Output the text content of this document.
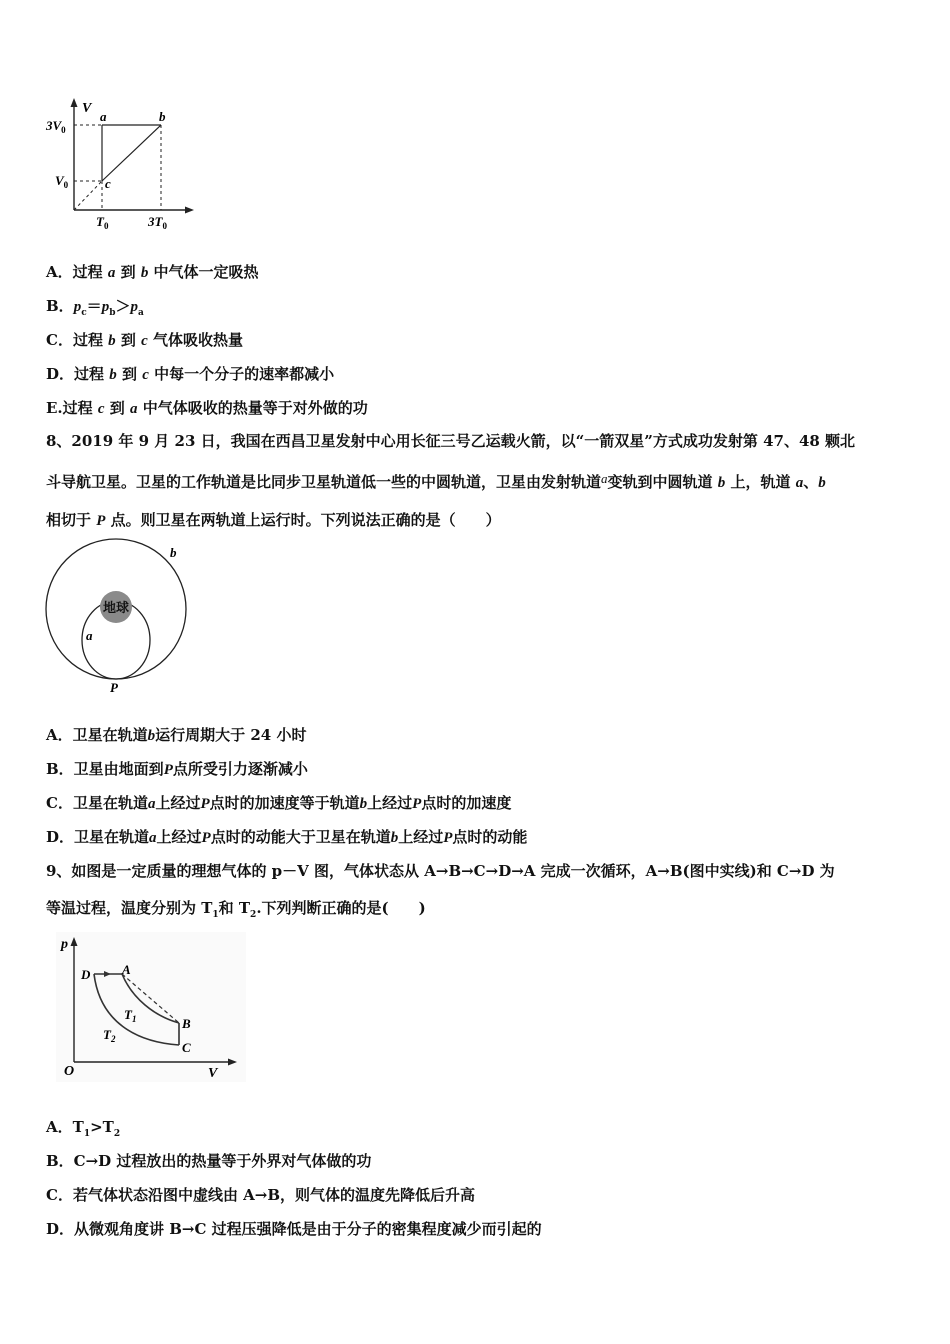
V
$3V_0$
$V_0$
$T_0$	$3T_0$
a	b
c
A．过程 a 到 b 中气体一定吸热
B．$p_c=p_b>p_a$
C．过程 b 到 c 气体吸收热量
D．过程 b 到 c 中每一个分子的速率都减小
E.过程 c 到 a 中气体吸收的热量等于对外做的功
8、2019 年 9 月 23 日，我国在西昌卫星发射中心用长征三号乙运载火箭，以“一箭双星”方式成功发射第 47、48 颗北
斗导航卫星。卫星的工作轨道是比同步卫星轨道低一些的中圆轨道，卫星由发射轨道a变轨到中圆轨道 b 上，轨道 a、b
相切于 P 点。则卫星在两轨道上运行时。下列说法正确的是（　　）
地球
b
a
P
A．卫星在轨道b运行周期大于 24 小时
B．卫星由地面到P点所受引力逐渐减小
C．卫星在轨道a上经过P点时的加速度等于轨道b上经过P点时的加速度
D．卫星在轨道a上经过P点时的动能大于卫星在轨道b上经过P点时的动能
9、如图是一定质量的理想气体的 p－V 图，气体状态从 A→B→C→D→A 完成一次循环，A→B(图中实线)和 C→D 为
等温过程，温度分别为 $T_1$和 $T_2$.下列判断正确的是(　　)
p
V
O
D A
B
C
$T_1$
$T_2$
A．$T_1>T_2$
B．C→D 过程放出的热量等于外界对气体做的功
C．若气体状态沿图中虚线由 A→B，则气体的温度先降低后升高
D．从微观角度讲 B→C 过程压强降低是由于分子的密集程度减少而引起的
